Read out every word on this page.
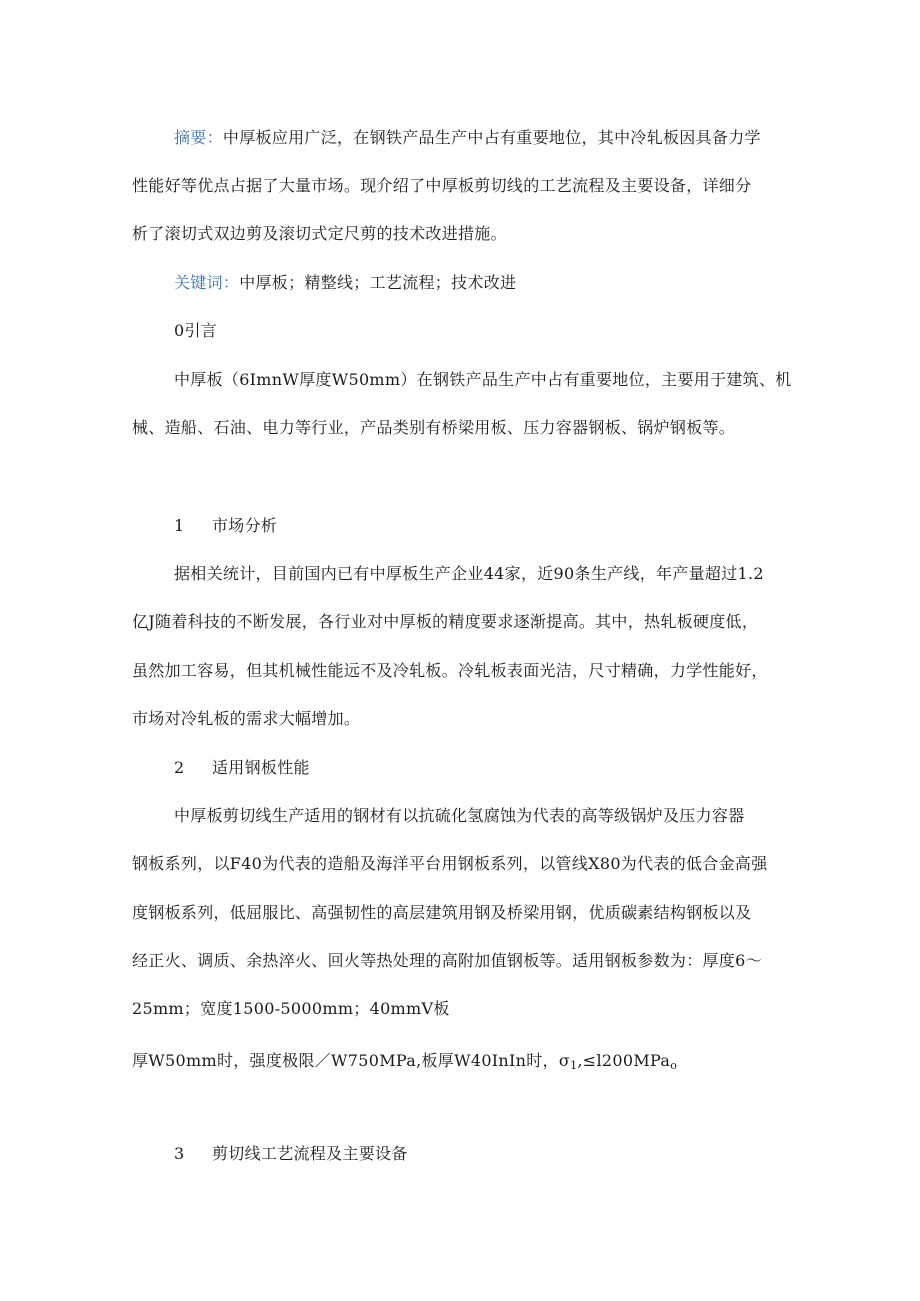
摘要：中厚板应用广泛，在钢铁产品生产中占有重要地位，其中冷轧板因具备力学
性能好等优点占据了大量市场。现介绍了中厚板剪切线的工艺流程及主要设备，详细分
析了滚切式双边剪及滚切式定尺剪的技术改进措施。
关键词：中厚板；精整线；工艺流程；技术改进
0引言
中厚板（6ImnW厚度W50mm）在钢铁产品生产中占有重要地位，主要用于建筑、机
械、造船、石油、电力等行业，产品类别有桥梁用板、压力容器钢板、锅炉钢板等。
1 市场分析
据相关统计，目前国内已有中厚板生产企业44家，近90条生产线，年产量超过1.2
亿J随着科技的不断发展，各行业对中厚板的精度要求逐渐提高。其中，热轧板硬度低，
虽然加工容易，但其机械性能远不及冷轧板。冷轧板表面光洁，尺寸精确，力学性能好，
市场对冷轧板的需求大幅增加。
2 适用钢板性能
中厚板剪切线生产适用的钢材有以抗硫化氢腐蚀为代表的高等级锅炉及压力容器
钢板系列，以F40为代表的造船及海洋平台用钢板系列，以管线X80为代表的低合金高强
度钢板系列，低屈服比、高强韧性的高层建筑用钢及桥梁用钢，优质碳素结构钢板以及
经正火、调质、余热淬火、回火等热处理的高附加值钢板等。适用钢板参数为：厚度6〜
25mm；宽度1500-5000mm；40mmV板
厚W50mm时，强度极限／W750MPa,板厚W40InIn时，$\sigma_1,\le l200MPa_o$
3 剪切线工艺流程及主要设备
